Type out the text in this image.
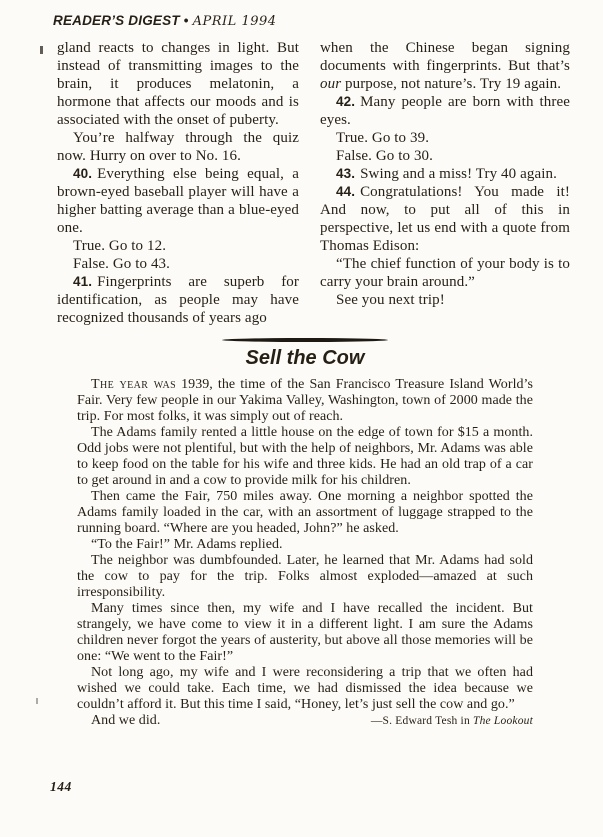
READER’S DIGEST • APRIL 1994

gland reacts to changes in light. But instead of transmitting images to the brain, it produces melatonin, a hormone that affects our moods and is associated with the onset of puberty.

You’re halfway through the quiz now. Hurry on over to No. 16.

40. Everything else being equal, a brown-eyed baseball player will have a higher batting average than a blue-eyed one.

True. Go to 12.

False. Go to 43.

41. Fingerprints are superb for identification, as people may have recognized thousands of years ago

when the Chinese began signing documents with fingerprints. But that’s our purpose, not nature’s. Try 19 again.

42. Many people are born with three eyes.

True. Go to 39.

False. Go to 30.

43. Swing and a miss! Try 40 again.

44. Congratulations! You made it! And now, to put all of this in perspective, let us end with a quote from Thomas Edison:

“The chief function of your body is to carry your brain around.”

See you next trip!

Sell the Cow

The year was 1939, the time of the San Francisco Treasure Island World’s Fair. Very few people in our Yakima Valley, Washington, town of 2000 made the trip. For most folks, it was simply out of reach.

The Adams family rented a little house on the edge of town for $15 a month. Odd jobs were not plentiful, but with the help of neighbors, Mr. Adams was able to keep food on the table for his wife and three kids. He had an old trap of a car to get around in and a cow to provide milk for his children.

Then came the Fair, 750 miles away. One morning a neighbor spotted the Adams family loaded in the car, with an assortment of luggage strapped to the running board. “Where are you headed, John?” he asked.

“To the Fair!” Mr. Adams replied.

The neighbor was dumbfounded. Later, he learned that Mr. Adams had sold the cow to pay for the trip. Folks almost exploded—amazed at such irresponsibility.

Many times since then, my wife and I have recalled the incident. But strangely, we have come to view it in a different light. I am sure the Adams children never forgot the years of austerity, but above all those memories will be one: “We went to the Fair!”

Not long ago, my wife and I were reconsidering a trip that we often had wished we could take. Each time, we had dismissed the idea because we couldn’t afford it. But this time I said, “Honey, let’s just sell the cow and go.”

And we did.	—S. Edward Tesh in The Lookout

144
